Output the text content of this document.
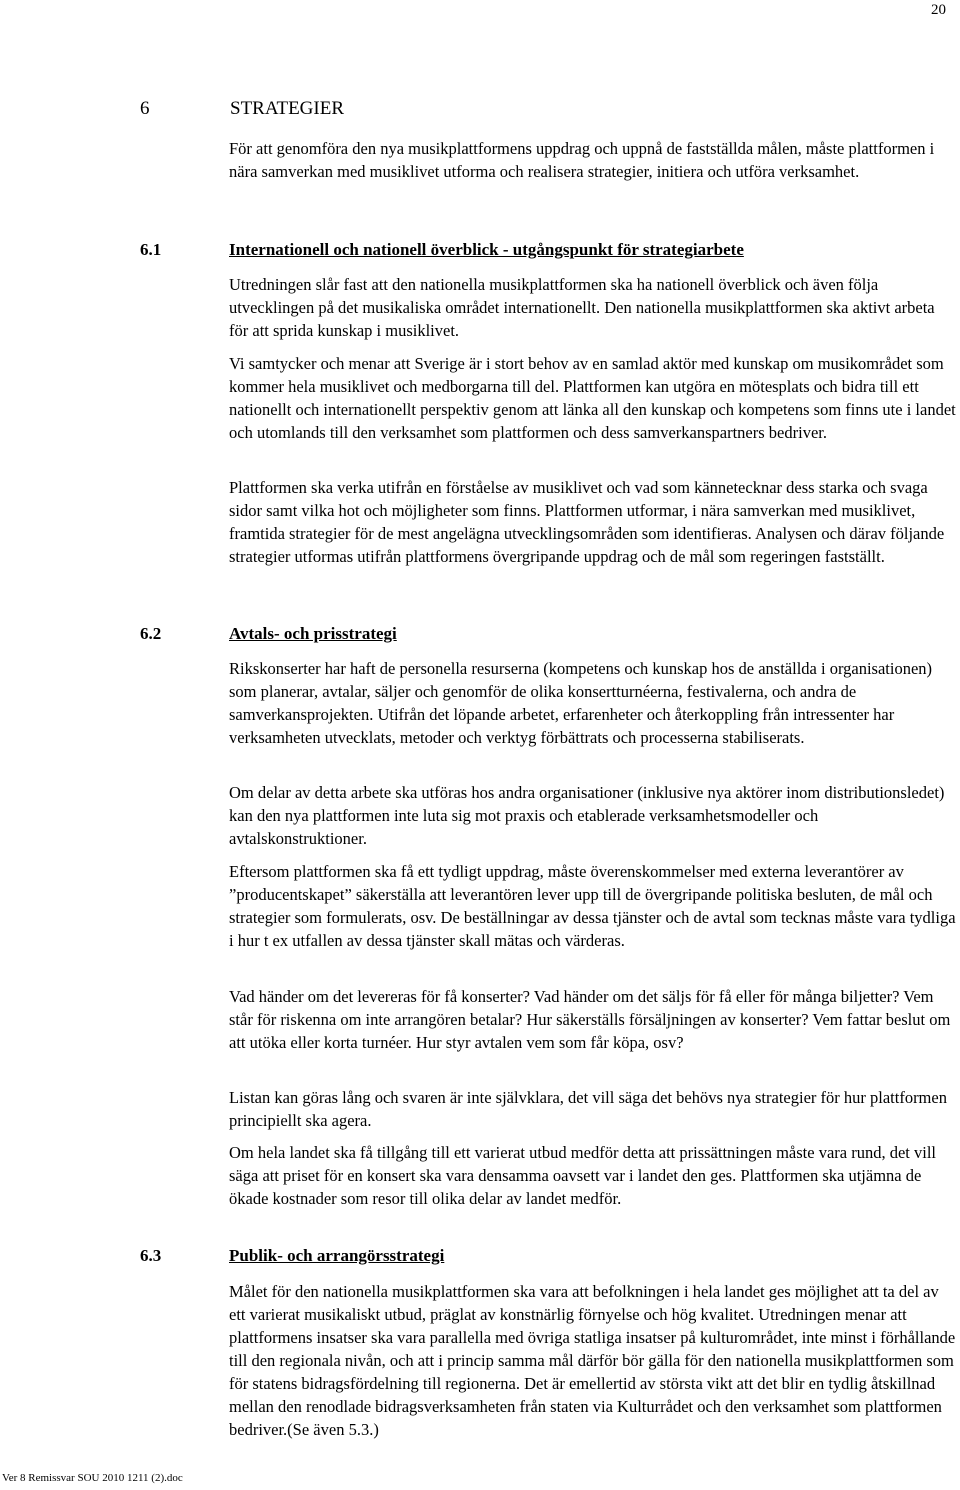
20
6	STRATEGIER

För att genomföra den nya musikplattformens uppdrag och uppnå de fastställda målen, måste plattformen i nära samverkan med musiklivet utforma och realisera strategier, initiera och utföra verksamhet.

6.1	Internationell och nationell överblick - utgångspunkt för strategiarbete

Utredningen slår fast att den nationella musikplattformen ska ha nationell överblick och även följa utvecklingen på det musikaliska området internationellt. Den nationella musikplattformen ska aktivt arbeta för att sprida kunskap i musiklivet.

Vi samtycker och menar att Sverige är i stort behov av en samlad aktör med kunskap om musikområdet som kommer hela musiklivet och medborgarna till del. Plattformen kan utgöra en mötesplats och bidra till ett nationellt och internationellt perspektiv genom att länka all den kunskap och kompetens som finns ute i landet och utomlands till den verksamhet som plattformen och dess samverkanspartners bedriver.

Plattformen ska verka utifrån en förståelse av musiklivet och vad som kännetecknar dess starka och svaga sidor samt vilka hot och möjligheter som finns. Plattformen utformar, i nära samverkan med musiklivet, framtida strategier för de mest angelägna utvecklingsområden som identifieras. Analysen och därav följande strategier utformas utifrån plattformens övergripande uppdrag och de mål som regeringen fastställt.

6.2	Avtals- och prisstrategi

Rikskonserter har haft de personella resurserna (kompetens och kunskap hos de anställda i organisationen) som planerar, avtalar, säljer och genomför de olika konsertturnéerna, festivalerna, och andra de samverkansprojekten. Utifrån det löpande arbetet, erfarenheter och återkoppling från intressenter har verksamheten utvecklats, metoder och verktyg förbättrats och processerna stabiliserats.

Om delar av detta arbete ska utföras hos andra organisationer (inklusive nya aktörer inom distributionsledet) kan den nya plattformen inte luta sig mot praxis och etablerade verksamhetsmodeller och avtalskonstruktioner.

Eftersom plattformen ska få ett tydligt uppdrag, måste överenskommelser med externa leverantörer av ”producentskapet” säkerställa att leverantören lever upp till de övergripande politiska besluten, de mål och strategier som formulerats, osv. De beställningar av dessa tjänster och de avtal som tecknas måste vara tydliga i hur t ex utfallen av dessa tjänster skall mätas och värderas.

Vad händer om det levereras för få konserter? Vad händer om det säljs för få eller för många biljetter? Vem står för riskenna om inte arrangören betalar? Hur säkerställs försäljningen av konserter? Vem fattar beslut om att utöka eller korta turnéer. Hur styr avtalen vem som får köpa, osv?

Listan kan göras lång och svaren är inte självklara, det vill säga det behövs nya strategier för hur plattformen principiellt ska agera.

Om hela landet ska få tillgång till ett varierat utbud medför detta att prissättningen måste vara rund, det vill säga att priset för en konsert ska vara densamma oavsett var i landet den ges. Plattformen ska utjämna de ökade kostnader som resor till olika delar av landet medför.

6.3	Publik- och arrangörsstrategi

Målet för den nationella musikplattformen ska vara att befolkningen i hela landet ges möjlighet att ta del av ett varierat musikaliskt utbud, präglat av konstnärlig förnyelse och hög kvalitet. Utredningen menar att plattformens insatser ska vara parallella med övriga statliga insatser på kulturområdet, inte minst i förhållande till den regionala nivån, och att i princip samma mål därför bör gälla för den nationella musikplattformen som för statens bidragsfördelning till regionerna. Det är emellertid av största vikt att det blir en tydlig åtskillnad mellan den renodlade bidragsverksamheten från staten via Kulturrådet och den verksamhet som plattformen bedriver.(Se även 5.3.)

Ver 8 Remissvar SOU 2010 1211 (2).doc
